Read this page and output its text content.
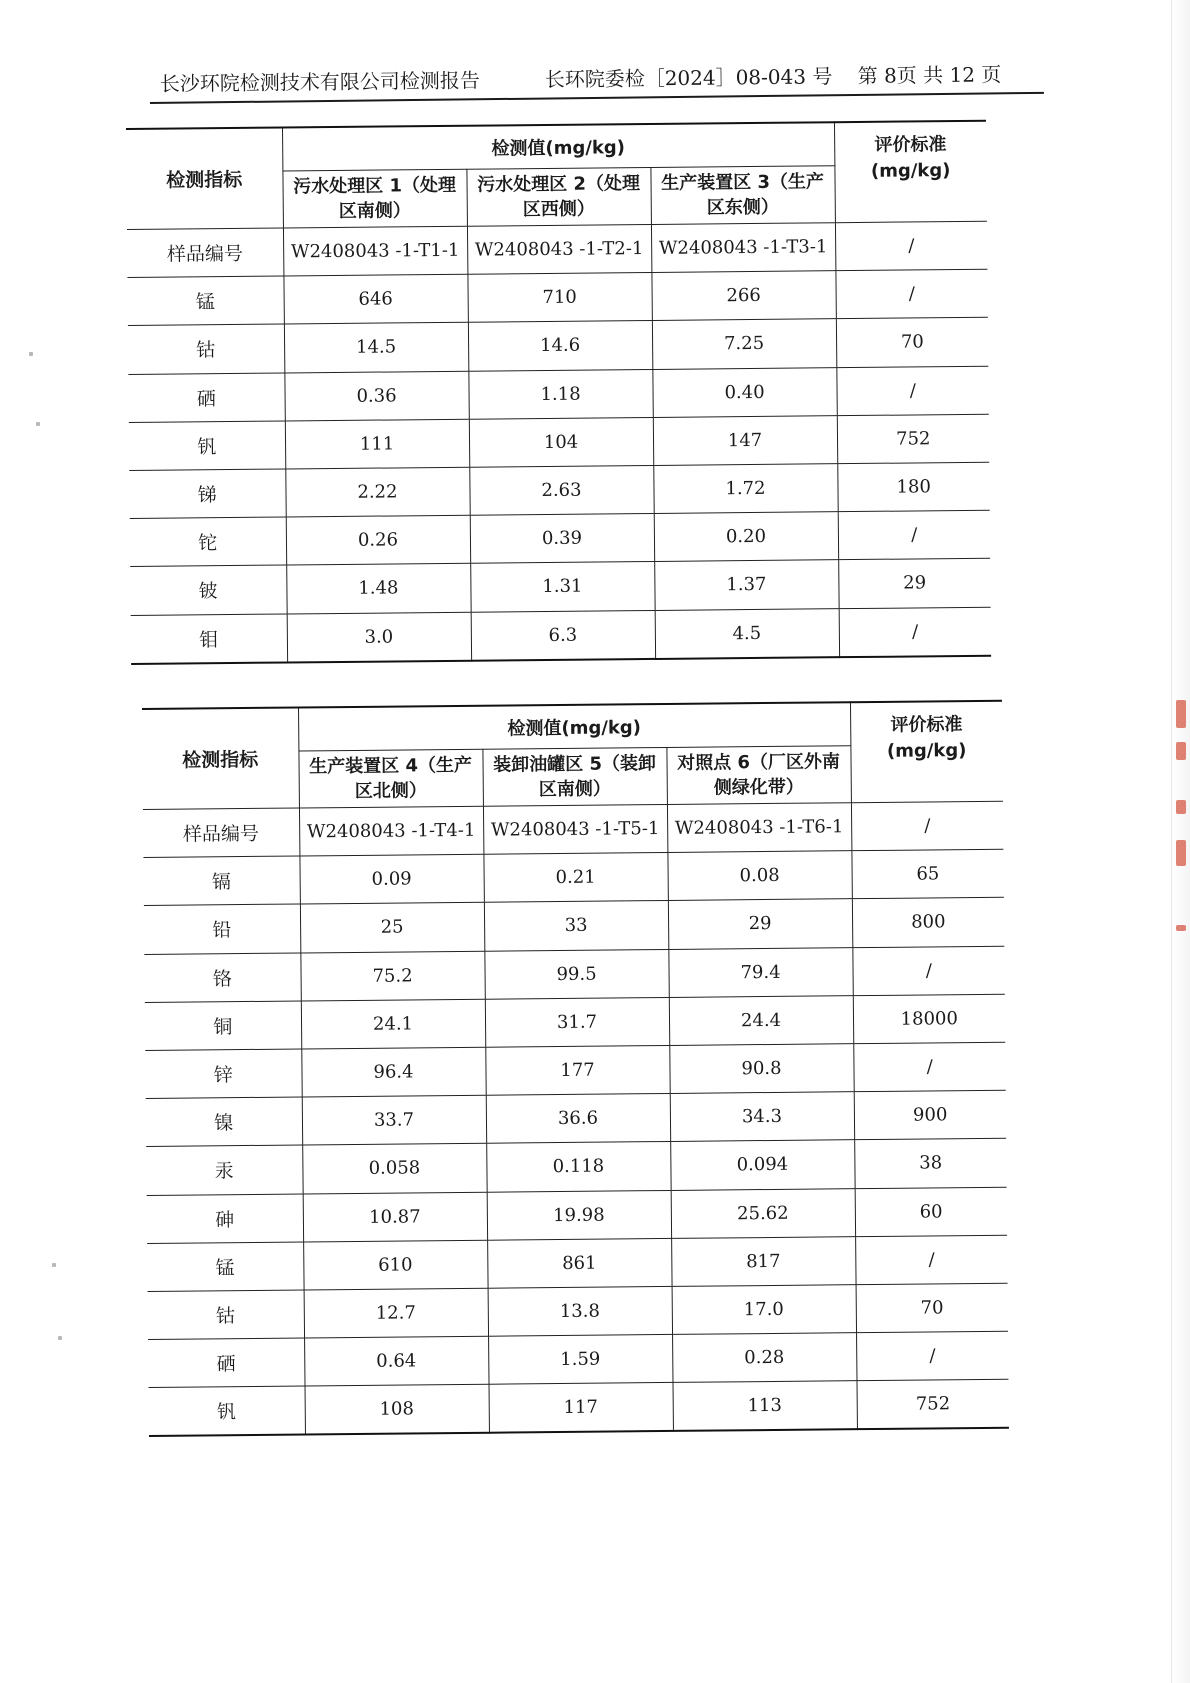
长沙环院检测技术有限公司检测报告	长环院委检［2024］08-043 号 第 8页 共 12 页
检测指标	检测值(mg/kg)			评价标准
(mg/kg)
	污水处理区 1（处理区南侧）	污水处理区 2（处理区西侧）	生产装置区 3（生产区东侧）	
样品编号	W2408043 -1-T1-1	W2408043 -1-T2-1	W2408043 -1-T3-1	/
锰	646	710	266	/
钴	14.5	14.6	7.25	70
硒	0.36	1.18	0.40	/
钒	111	104	147	752
锑	2.22	2.63	1.72	180
铊	0.26	0.39	0.20	/
铍	1.48	1.31	1.37	29
钼	3.0	6.3	4.5	/
检测指标	检测值(mg/kg)			评价标准
(mg/kg)
	生产装置区 4（生产区北侧）	装卸油罐区 5（装卸区南侧）	对照点 6（厂区外南侧绿化带）	
样品编号	W2408043 -1-T4-1	W2408043 -1-T5-1	W2408043 -1-T6-1	/
镉	0.09	0.21	0.08	65
铅	25	33	29	800
铬	75.2	99.5	79.4	/
铜	24.1	31.7	24.4	18000
锌	96.4	177	90.8	/
镍	33.7	36.6	34.3	900
汞	0.058	0.118	0.094	38
砷	10.87	19.98	25.62	60
锰	610	861	817	/
钴	12.7	13.8	17.0	70
硒	0.64	1.59	0.28	/
钒	108	117	113	752
